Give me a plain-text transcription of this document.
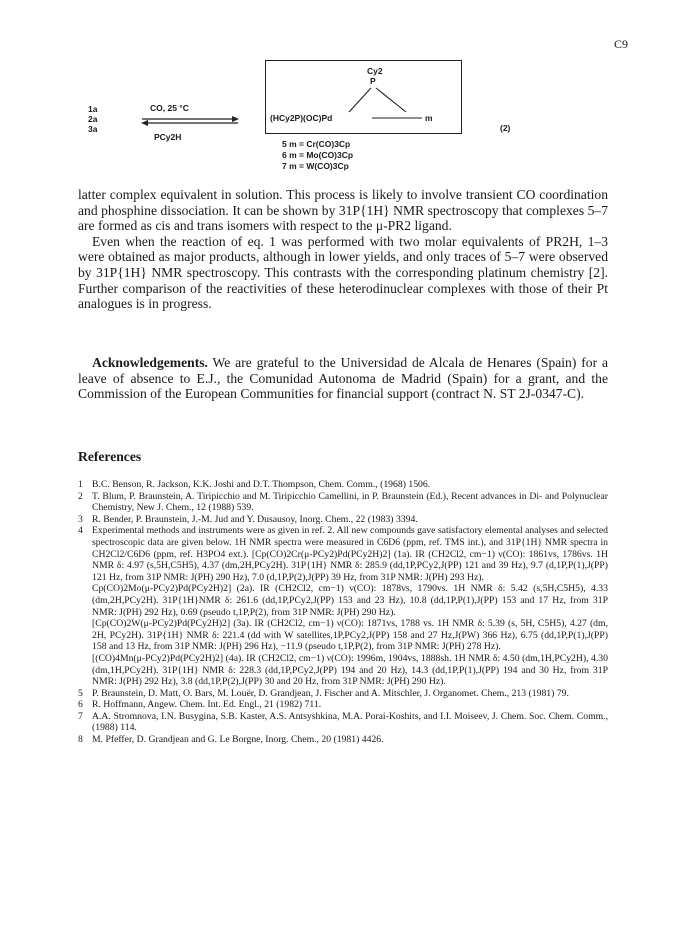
C9
1a
2a
3a
CO, 25 °C
PCy2H
Cy2
P
(HCy2P)(OC)Pd	m
(2)
5 m = Cr(CO)3Cp
6 m = Mo(CO)3Cp
7 m = W(CO)3Cp

latter complex equivalent in solution. This process is likely to involve transient CO coordination and phosphine dissociation. It can be shown by 31P{1H} NMR spectroscopy that complexes 5–7 are formed as cis and trans isomers with respect to the μ-PR2 ligand.

Even when the reaction of eq. 1 was performed with two molar equivalents of PR2H, 1–3 were obtained as major products, although in lower yields, and only traces of 5–7 were observed by 31P{1H} NMR spectroscopy. This contrasts with the corresponding platinum chemistry [2]. Further comparison of the reactivities of these heterodinuclear complexes with those of their Pt analogues is in progress.

Acknowledgements. We are grateful to the Universidad de Alcala de Henares (Spain) for a leave of absence to E.J., the Comunidad Autonoma de Madrid (Spain) for a grant, and the Commission of the European Communities for financial support (contract N. ST 2J-0347-C).

References
1 B.C. Benson, R. Jackson, K.K. Joshi and D.T. Thompson, Chem. Comm., (1968) 1506.
2 T. Blum, P. Braunstein, A. Tiripicchio and M. Tiripicchio Camellini, in P. Braunstein (Ed.), Recent advances in Di- and Polynuclear Chemistry, New J. Chem., 12 (1988) 539.
3 R. Bender, P. Braunstein, J.-M. Jud and Y. Dusausoy, Inorg. Chem., 22 (1983) 3394.
4 Experimental methods and instruments were as given in ref. 2. All new compounds gave satisfactory elemental analyses and selected spectroscopic data are given below. 1H NMR spectra were measured in C6D6 (ppm, ref. TMS int.), and 31P{1H} NMR spectra in CH2Cl2/C6D6 (ppm, ref. H3PO4 ext.). [Cp(CO)2Cr(μ-PCy2)Pd(PCy2H)2] (1a). IR (CH2Cl2, cm−1) ν(CO): 1861vs, 1786vs. 1H NMR δ: 4.97 (s,5H,C5H5), 4.37 (dm,2H,PCy2H). 31P{1H} NMR δ: 285.9 (dd,1P,PCy2,J(PP) 121 and 39 Hz), 9.7 (d,1P,P(1),J(PP) 121 Hz, from 31P NMR: J(PH) 290 Hz), 7.0 (d,1P,P(2),J(PP) 39 Hz, from 31P NMR: J(PH) 293 Hz).
Cp(CO)2Mo(μ-PCy2)Pd(PCy2H)2] (2a). IR (CH2Cl2, cm−1) ν(CO): 1878vs, 1790vs. 1H NMR δ: 5.42 (s,5H,C5H5), 4.33 (dm,2H,PCy2H). 31P{1H}NMR δ: 261.6 (dd,1P,PCy2,J(PP) 153 and 23 Hz), 10.8 (dd,1P,P(1),J(PP) 153 and 17 Hz, from 31P NMR: J(PH) 292 Hz), 0.69 (pseudo t,1P,P(2), from 31P NMR: J(PH) 290 Hz).
[Cp(CO)2W(μ-PCy2)Pd(PCy2H)2] (3a). IR (CH2Cl2, cm−1) ν(CO): 1871vs, 1788 vs. 1H NMR δ: 5.39 (s, 5H, C5H5), 4.27 (dm, 2H, PCy2H). 31P{1H} NMR δ: 221.4 (dd with W satellites,1P,PCy2,J(PP) 158 and 27 Hz,J(PW) 366 Hz), 6.75 (dd,1P,P(1),J(PP) 158 and 13 Hz, from 31P NMR: J(PH) 296 Hz), −11.9 (pseudo t,1P,P(2), from 31P NMR: J(PH) 278 Hz).
[(CO)4Mn(μ-PCy2)Pd(PCy2H)2] (4a). IR (CH2Cl2, cm−1) ν(CO): 1996m, 1904vs, 1888sh. 1H NMR δ: 4.50 (dm,1H,PCy2H), 4.30 (dm,1H,PCy2H). 31P{1H} NMR δ: 228.3 (dd,1P,PCy2,J(PP) 194 and 20 Hz), 14.3 (dd,1P,P(1),J(PP) 194 and 30 Hz, from 31P NMR: J(PH) 292 Hz), 3.8 (dd,1P,P(2),J(PP) 30 and 20 Hz, from 31P NMR: J(PH) 290 Hz).
5 P. Braunstein, D. Matt, O. Bars, M. Louër, D. Grandjean, J. Fischer and A. Mitschler, J. Organomet. Chem., 213 (1981) 79.
6 R. Hoffmann, Angew. Chem. Int. Ed. Engl., 21 (1982) 711.
7 A.A. Stromnova, I.N. Busygina, S.B. Kaster, A.S. Antsyshkina, M.A. Porai-Koshits, and I.I. Moiseev, J. Chem. Soc. Chem. Comm., (1988) 114.
8 M. Pfeffer, D. Grandjean and G. Le Borgne, Inorg. Chem., 20 (1981) 4426.
